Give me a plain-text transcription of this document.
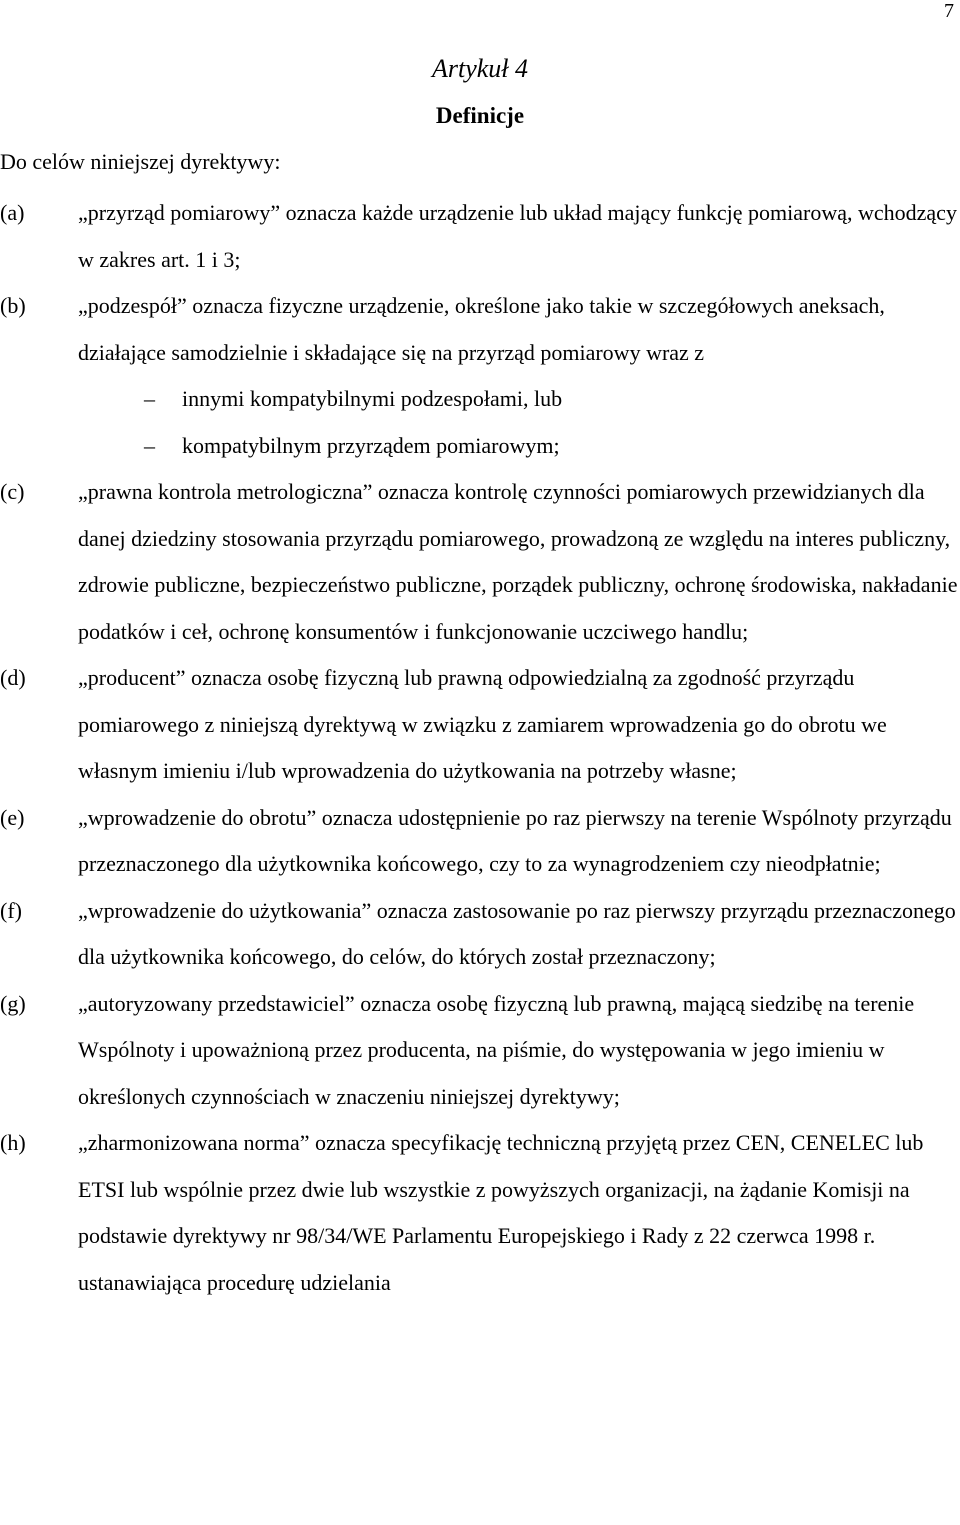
7
Artykuł 4
Definicje
Do celów niniejszej dyrektywy:
(a) „przyrząd pomiarowy” oznacza każde urządzenie lub układ mający funkcję pomiarową, wchodzący w zakres art. 1 i 3;

(b) „podzespół” oznacza fizyczne urządzenie, określone jako takie w szczegółowych aneksach, działające samodzielnie i składające się na przyrząd pomiarowy wraz z

– innymi kompatybilnymi podzespołami, lub
– kompatybilnym przyrządem pomiarowym;
(c) „prawna kontrola metrologiczna” oznacza kontrolę czynności pomiarowych przewidzianych dla danej dziedziny stosowania przyrządu pomiarowego, prowadzoną ze względu na interes publiczny, zdrowie publiczne, bezpieczeństwo publiczne, porządek publiczny, ochronę środowiska, nakładanie podatków i ceł, ochronę konsumentów i funkcjonowanie uczciwego handlu;

(d) „producent” oznacza osobę fizyczną lub prawną odpowiedzialną za zgodność przyrządu pomiarowego z niniejszą dyrektywą w związku z zamiarem wprowadzenia go do obrotu we własnym imieniu i/lub wprowadzenia do użytkowania na potrzeby własne;

(e) „wprowadzenie do obrotu” oznacza udostępnienie po raz pierwszy na terenie Wspólnoty przyrządu przeznaczonego dla użytkownika końcowego, czy to za wynagrodzeniem czy nieodpłatnie;

(f)	„wprowadzenie do użytkowania” oznacza zastosowanie po raz pierwszy przyrządu przeznaczonego dla użytkownika końcowego, do celów, do których został przeznaczony;

(g) „autoryzowany przedstawiciel” oznacza osobę fizyczną lub prawną, mającą siedzibę na terenie Wspólnoty i upoważnioną przez producenta, na piśmie, do występowania w jego imieniu w określonych czynnościach w znaczeniu niniejszej dyrektywy;

(h) „zharmonizowana norma” oznacza specyfikację techniczną przyjętą przez CEN, CENELEC lub ETSI lub wspólnie przez dwie lub wszystkie z powyższych organizacji, na żądanie Komisji na podstawie dyrektywy nr 98/34/WE Parlamentu Europejskiego i Rady z 22 czerwca 1998 r. ustanawiająca procedurę udzielania
